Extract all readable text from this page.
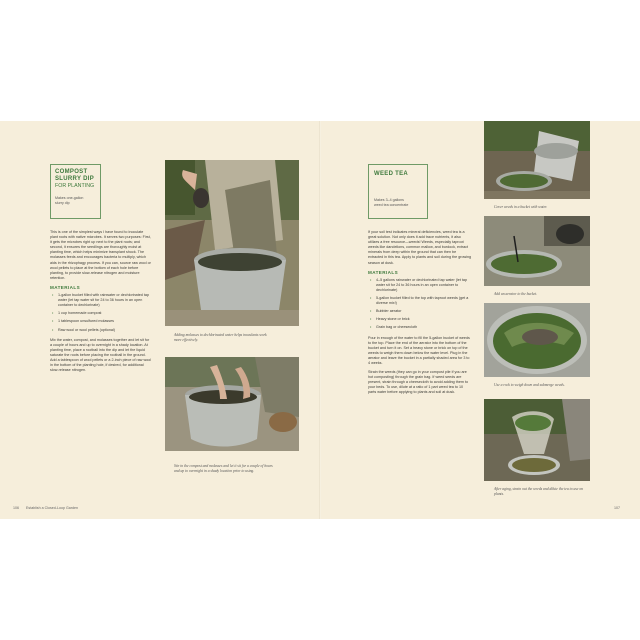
COMPOST
SLURRY DIP
FOR PLANTING
Makes one-gallon
slurry dip

This is one of the simplest ways I have found to inoculate plant roots with native microbes. It serves two purposes: First, it gets the microbes right up next to the plant roots; and second, it ensures the seedlings are thoroughly moist at planting time, which helps minimize transplant shock. The molasses feeds and encourages bacteria to multiply, which aids in the rhizophagy process. If you can, source raw wool or wool pellets to place at the bottom of each hole before planting, to provide slow-release nitrogen and moisture retention.

MATERIALS
• 1-gallon bucket filled with rainwater or dechlorinated tap water (let tap water sit for 24 to 36 hours in an open container to dechlorinate)
• 1 cup homemade compost
• 1 tablespoon unsulfured molasses
• Raw wool or wool pellets (optional)

Mix the water, compost, and molasses together and let sit for a couple of hours and up to overnight in a shady location. At planting time, place a rootball into the dip and let the liquid saturate the roots before placing the rootball in the ground. Add a tablespoon of wool pellets or a 2-inch piece of raw wool in the bottom of the planting hole, if desired, for additional slow-release nitrogen.

Adding molasses to dechlorinated water helps inoculants work more effectively.
Stir in the compost and molasses and let it sit for a couple of hours and up to overnight in a shady location prior to using.
106 Establish a Closed-Loop Garden
WEED TEA
Makes 3–4 gallons
weed tea concentrate

If your soil test indicates mineral deficiencies, weed tea is a great solution. Not only does it add trace nutrients, it also utilizes a free resource—weeds! Weeds, especially taproot weeds like dandelions, common mallow, and burdock, extract minerals from deep within the ground that can then be extracted in this tea. Apply to plants and soil during the growing season at dusk.

MATERIALS
• 4–5 gallons rainwater or dechlorinated tap water (let tap water sit for 24 to 36 hours in an open container to dechlorinate)
• 5-gallon bucket filled to the top with taproot weeds (get a diverse mix!)
• Bubbler aerator
• Heavy stone or brick
• Grain bag or cheesecloth

Pour in enough of the water to fill the 5-gallon bucket of weeds to the top. Place the end of the aerator into the bottom of the bucket and turn it on. Set a heavy stone or brick on top of the weeds to weigh them down below the water level. Plug in the aerator and leave the bucket in a partially shaded area for 3 to 4 weeks.

Strain the weeds (they can go in your compost pile if you are hot composting) through the grain bag. If weed seeds are present, strain through a cheesecloth to avoid adding them to your beds. To use, dilute at a ratio of 1 part weed tea to 10 parts water before applying to plants and soil at dusk.

Cover weeds in a bucket with water.
Add an aerator to the bucket.
Use a rock to weigh down and submerge weeds.
After aging, strain out the weeds and dilute the tea to use on plants.
107
